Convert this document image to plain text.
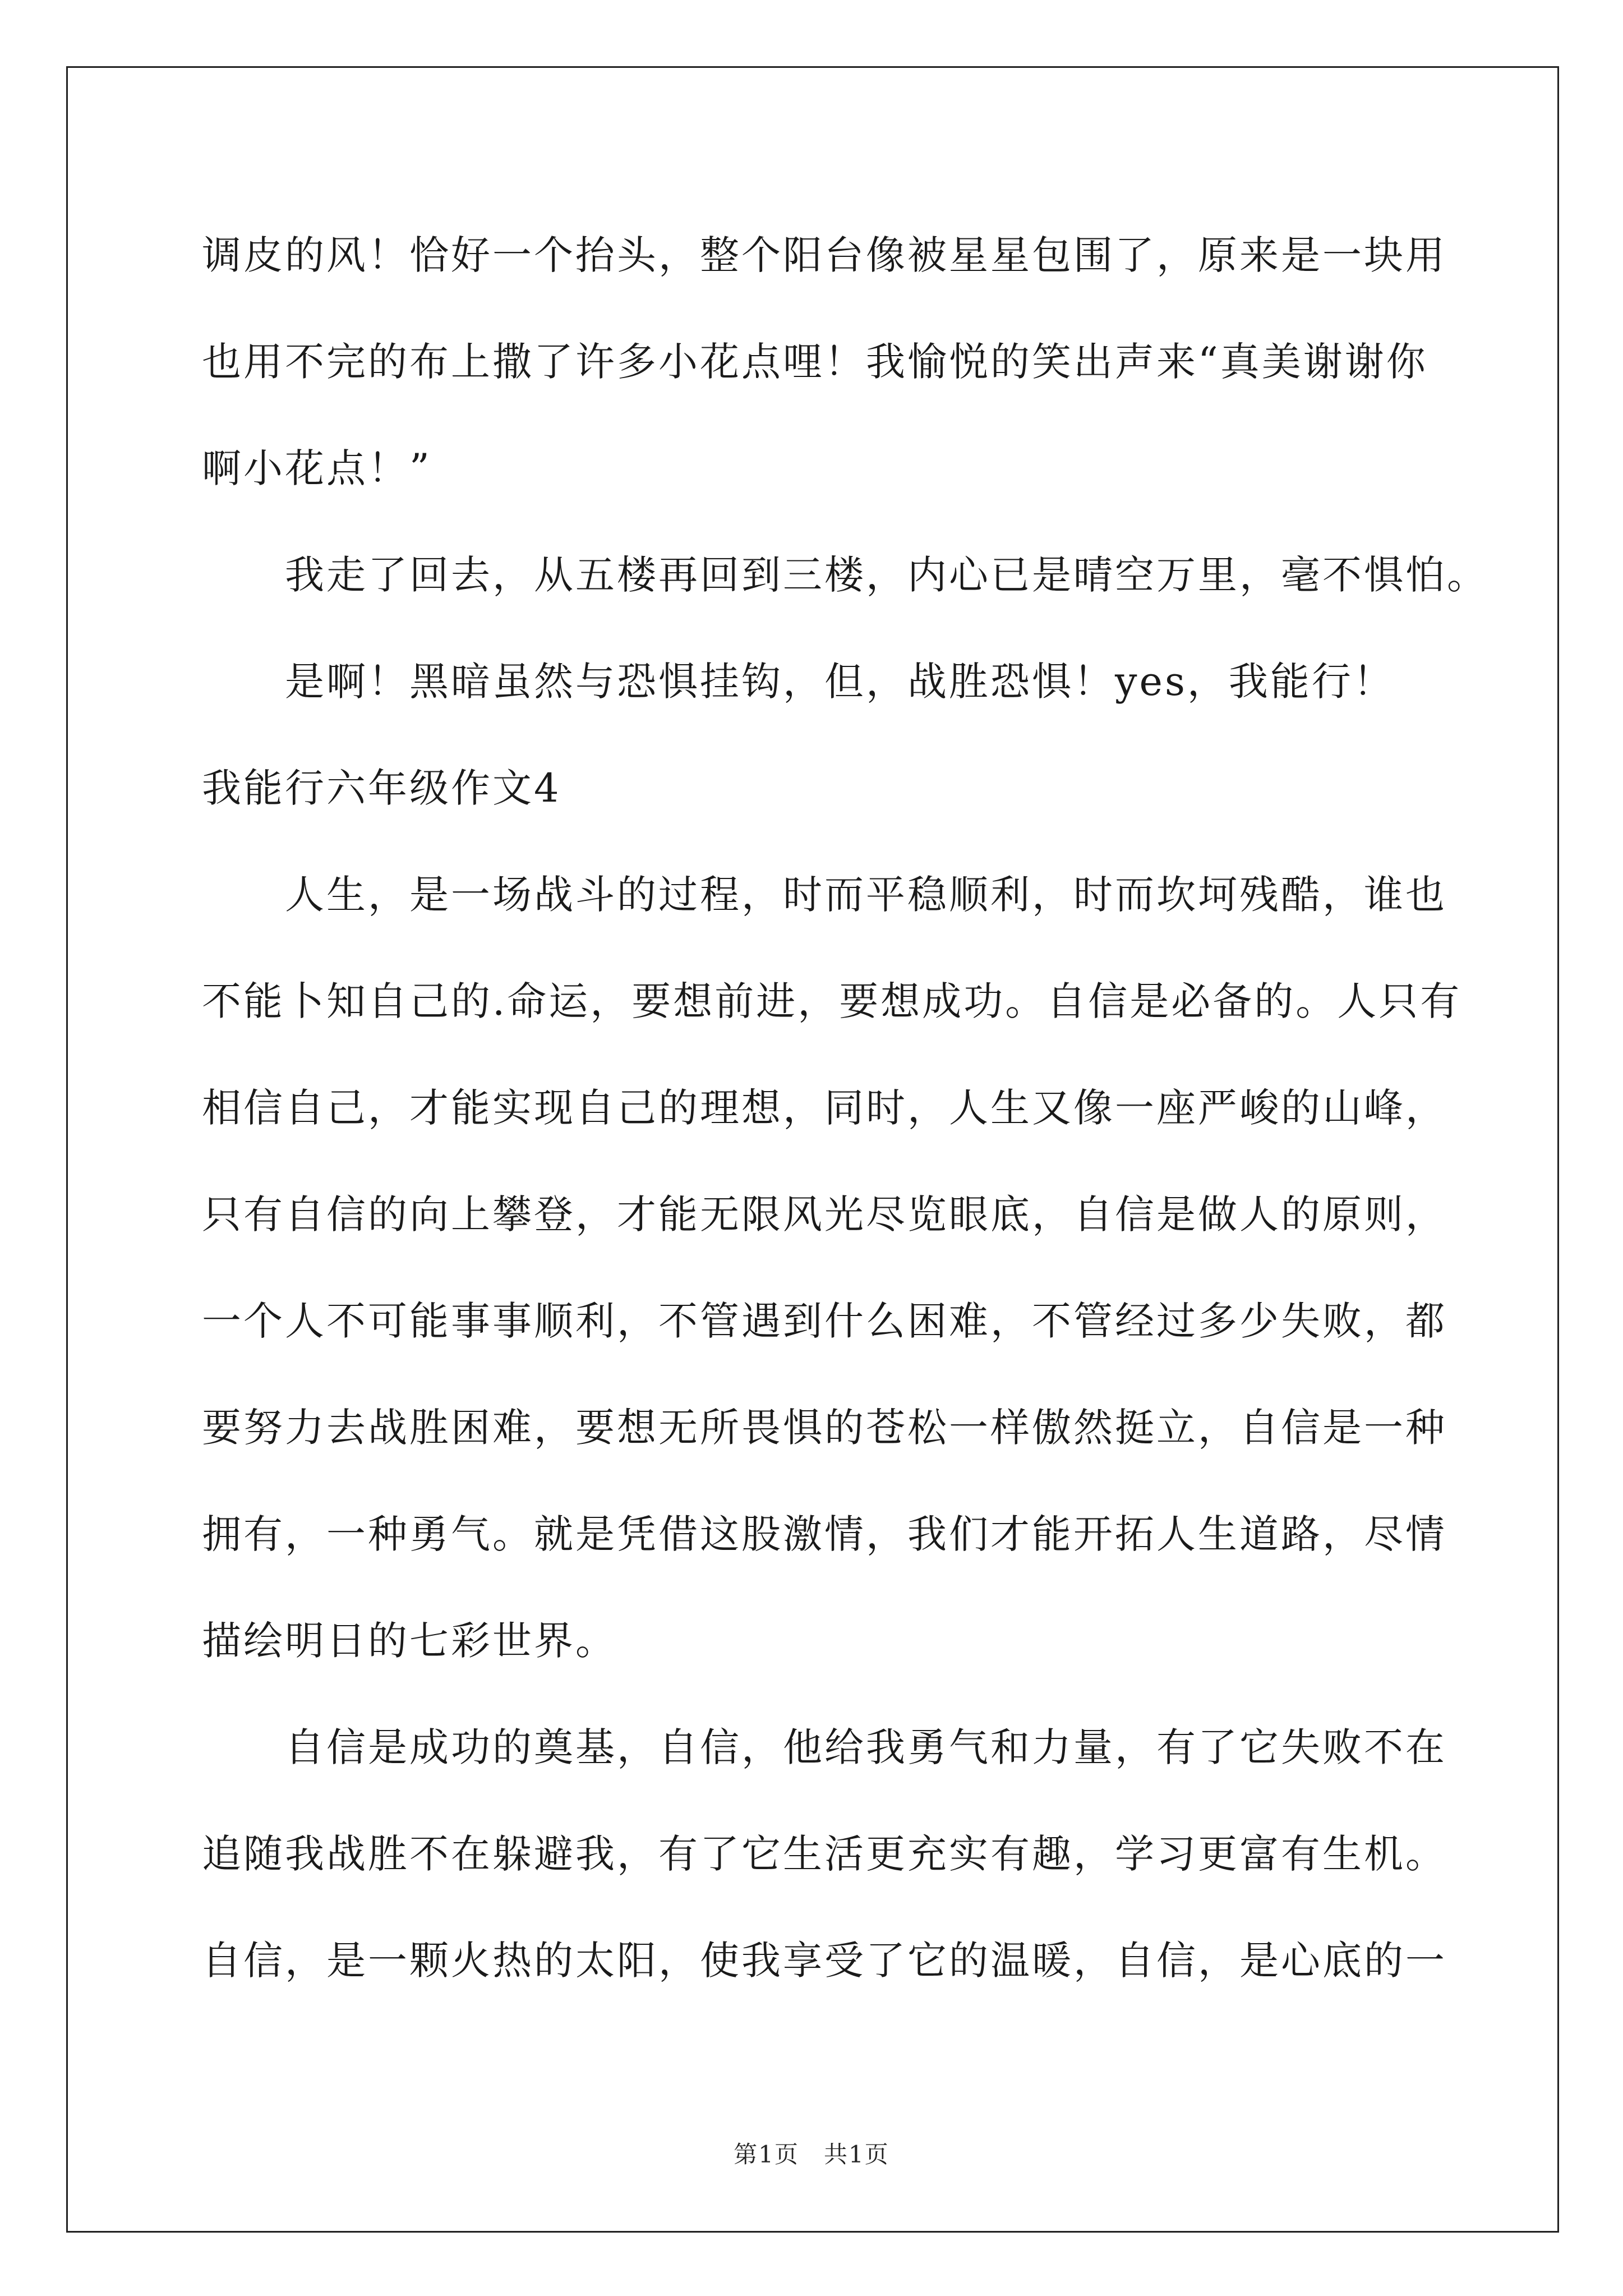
调皮的风！恰好一个抬头，整个阳台像被星星包围了，原来是一块用
也用不完的布上撒了许多小花点哩！我愉悦的笑出声来“真美谢谢你
啊小花点！”
　　我走了回去，从五楼再回到三楼，内心已是晴空万里，毫不惧怕。
　　是啊！黑暗虽然与恐惧挂钩，但，战胜恐惧！yes，我能行！
我能行六年级作文4
　　人生，是一场战斗的过程，时而平稳顺利，时而坎坷残酷，谁也
不能卜知自己的.命运，要想前进，要想成功。自信是必备的。人只有
相信自己，才能实现自己的理想，同时，人生又像一座严峻的山峰，
只有自信的向上攀登，才能无限风光尽览眼底，自信是做人的原则，
一个人不可能事事顺利，不管遇到什么困难，不管经过多少失败，都
要努力去战胜困难，要想无所畏惧的苍松一样傲然挺立，自信是一种
拥有，一种勇气。就是凭借这股激情，我们才能开拓人生道路，尽情
描绘明日的七彩世界。
　　自信是成功的奠基，自信，他给我勇气和力量，有了它失败不在
追随我战胜不在躲避我，有了它生活更充实有趣，学习更富有生机。
自信，是一颗火热的太阳，使我享受了它的温暖，自信，是心底的一
第1页　共1页
